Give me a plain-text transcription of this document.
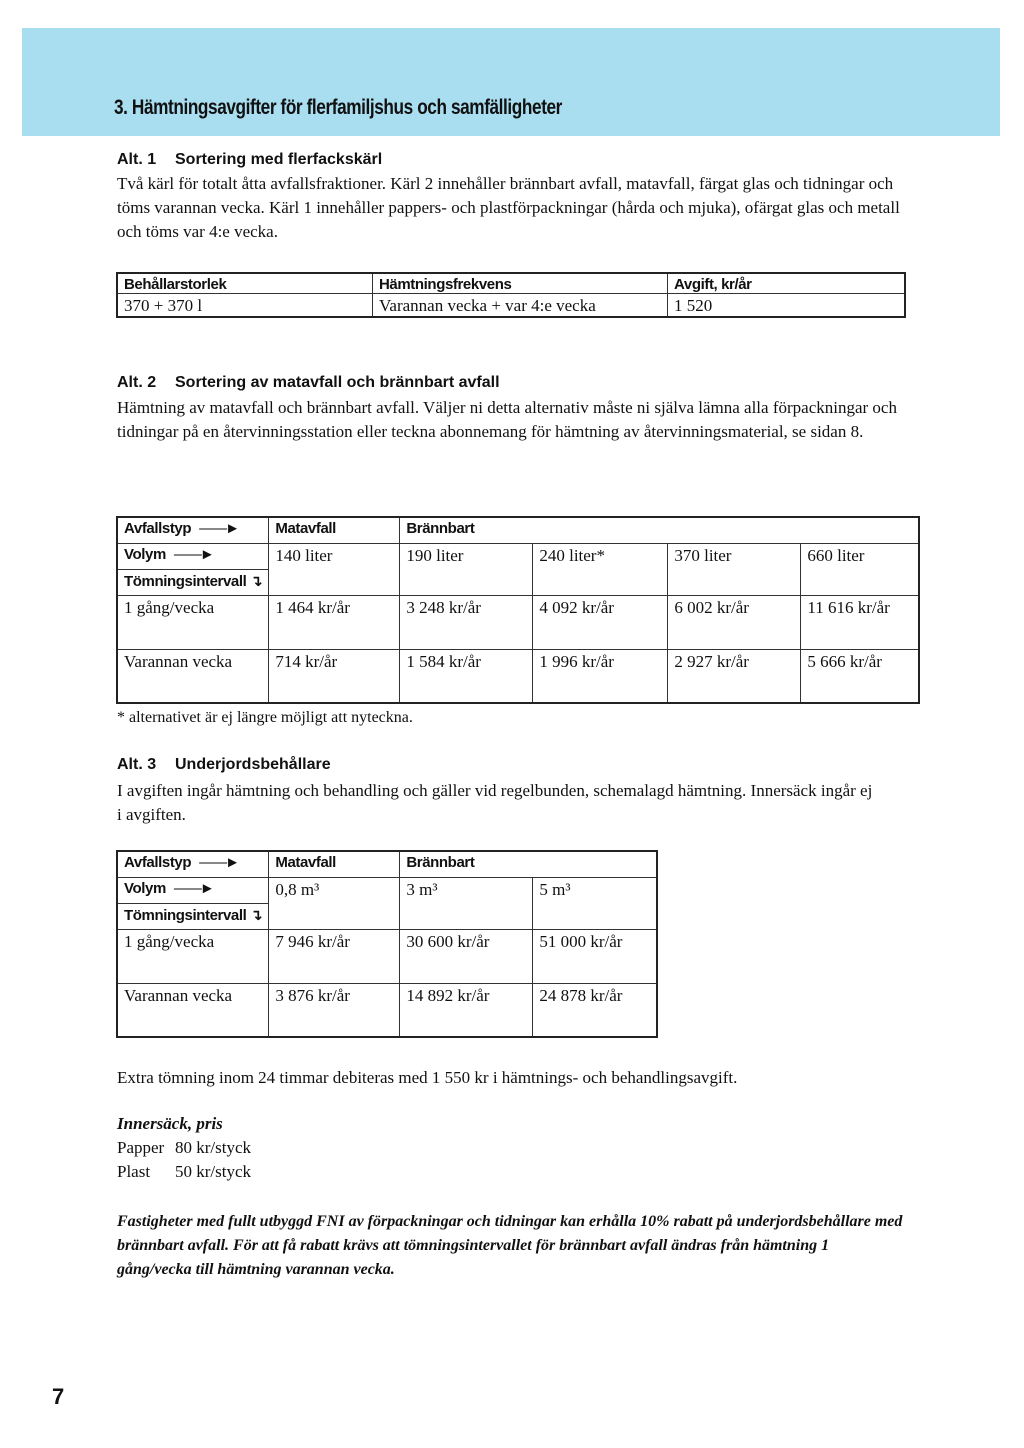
3. Hämtningsavgifter för flerfamiljshus och samfälligheter

Alt. 1 Sortering med flerfackskärl

Två kärl för totalt åtta avfallsfraktioner. Kärl 2 innehåller brännbart avfall, matavfall, färgat glas och tidningar och töms varannan vecka. Kärl 1 innehåller pappers- och plastförpackningar (hårda och mjuka), ofärgat glas och metall och töms var 4:e vecka.

Behållarstorlek	Hämtningsfrekvens	Avgift, kr/år
370 + 370 l	Varannan vecka + var 4:e vecka	1 520

Alt. 2 Sortering av matavfall och brännbart avfall

Hämtning av matavfall och brännbart avfall. Väljer ni detta alternativ måste ni själva lämna alla förpackningar och tidningar på en återvinningsstation eller teckna abonnemang för hämtning av återvinningsmaterial, se sidan 8.

Avfallstyp ——►	Matavfall	Brännbart			
Volym ——►	140 liter	190 liter	240 liter*	370 liter	660 liter
Tömningsintervall ↴					
1 gång/vecka	1 464 kr/år	3 248 kr/år	4 092 kr/år	6 002 kr/år	11 616 kr/år
Varannan vecka	714 kr/år	1 584 kr/år	1 996 kr/år	2 927 kr/år	5 666 kr/år

* alternativet är ej längre möjligt att nyteckna.

Alt. 3 Underjordsbehållare

I avgiften ingår hämtning och behandling och gäller vid regelbunden, schemalagd hämtning. Innersäck ingår ej i avgiften.

Avfallstyp ——►	Matavfall	Brännbart	
Volym ——►	0,8 m³	3 m³	5 m³
Tömningsintervall ↴			
1 gång/vecka	7 946 kr/år	30 600 kr/år	51 000 kr/år
Varannan vecka	3 876 kr/år	14 892 kr/år	24 878 kr/år

Extra tömning inom 24 timmar debiteras med 1 550 kr i hämtnings- och behandlingsavgift.

Innersäck, pris

Papper 80 kr/styck

Plast 50 kr/styck

Fastigheter med fullt utbyggd FNI av förpackningar och tidningar kan erhålla 10% rabatt på underjordsbehållare med brännbart avfall. För att få rabatt krävs att tömningsintervallet för brännbart avfall ändras från hämtning 1 gång/vecka till hämtning varannan vecka.

7
